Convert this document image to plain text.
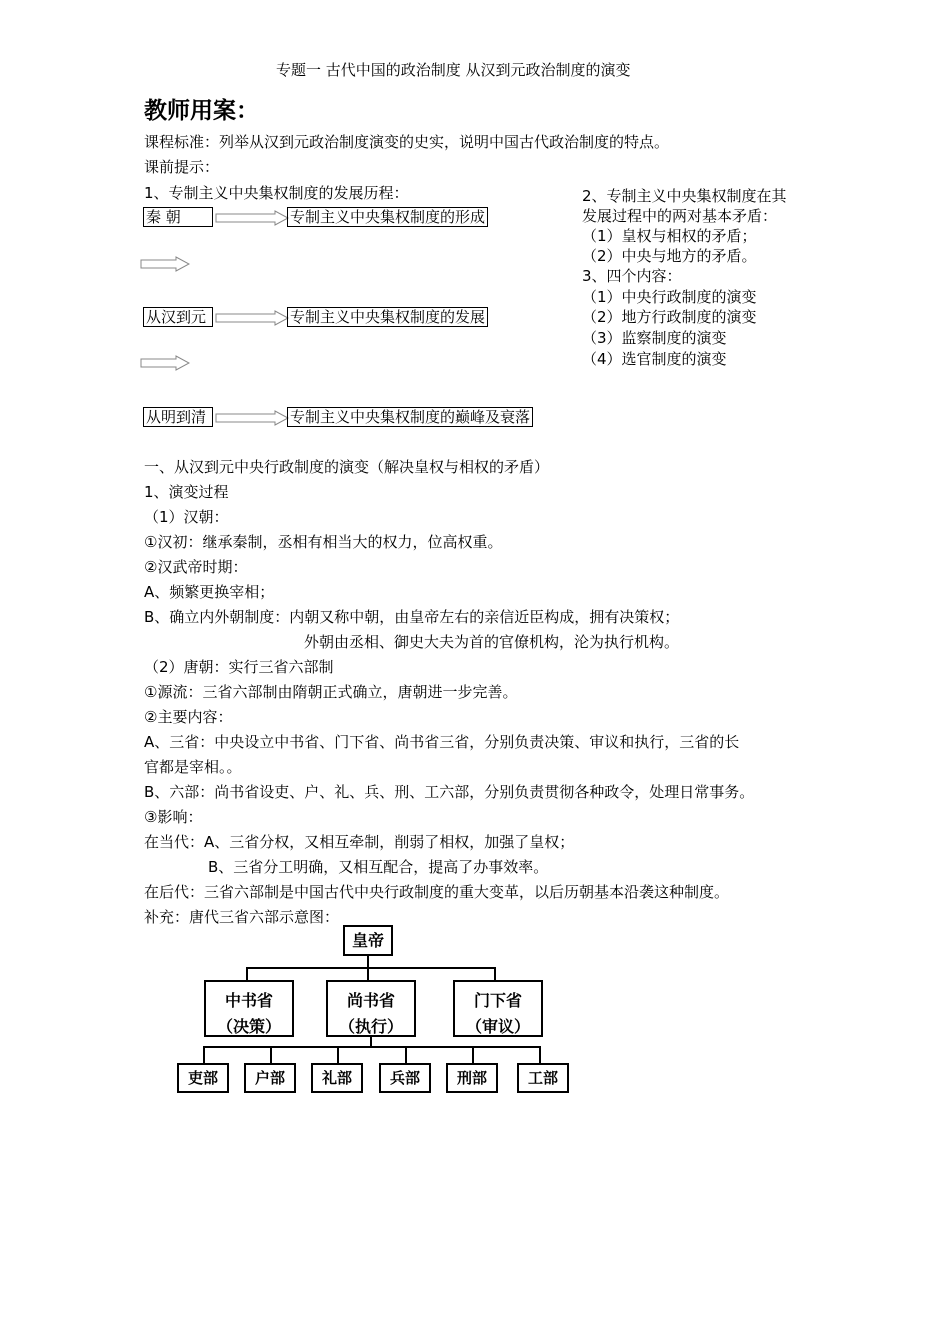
专题一 古代中国的政治制度 从汉到元政治制度的演变
教师用案：
课程标准：列举从汉到元政治制度演变的史实，说明中国古代政治制度的特点。
课前提示：
1、专制主义中央集权制度的发展历程：
秦 朝	专制主义中央集权制度的形成
从汉到元	专制主义中央集权制度的发展
从明到清	专制主义中央集权制度的巅峰及衰落
2、专制主义中央集权制度在其
发展过程中的两对基本矛盾：
（1）皇权与相权的矛盾；
（2）中央与地方的矛盾。
3、四个内容：
（1）中央行政制度的演变
（2）地方行政制度的演变
（3）监察制度的演变
（4）选官制度的演变
一、从汉到元中央行政制度的演变（解决皇权与相权的矛盾）
1、演变过程
（1）汉朝：
①汉初：继承秦制，丞相有相当大的权力，位高权重。
②汉武帝时期：
A、频繁更换宰相；
B、确立内外朝制度：内朝又称中朝，由皇帝左右的亲信近臣构成，拥有决策权；
外朝由丞相、御史大夫为首的官僚机构，沦为执行机构。
（2）唐朝：实行三省六部制
①源流：三省六部制由隋朝正式确立，唐朝进一步完善。
②主要内容：
A、三省：中央设立中书省、门下省、尚书省三省，分别负责决策、审议和执行，三省的长
官都是宰相。。
B、六部：尚书省设吏、户、礼、兵、刑、工六部，分别负责贯彻各种政令，处理日常事务。
③影响：
在当代：A、三省分权，又相互牵制，削弱了相权，加强了皇权；
B、三省分工明确，又相互配合，提高了办事效率。
在后代：三省六部制是中国古代中央行政制度的重大变革，以后历朝基本沿袭这种制度。
补充：唐代三省六部示意图：
皇帝
中书省
（决策）
尚书省
（执行）
门下省
（审议）
吏部	户部	礼部	兵部	刑部	工部
